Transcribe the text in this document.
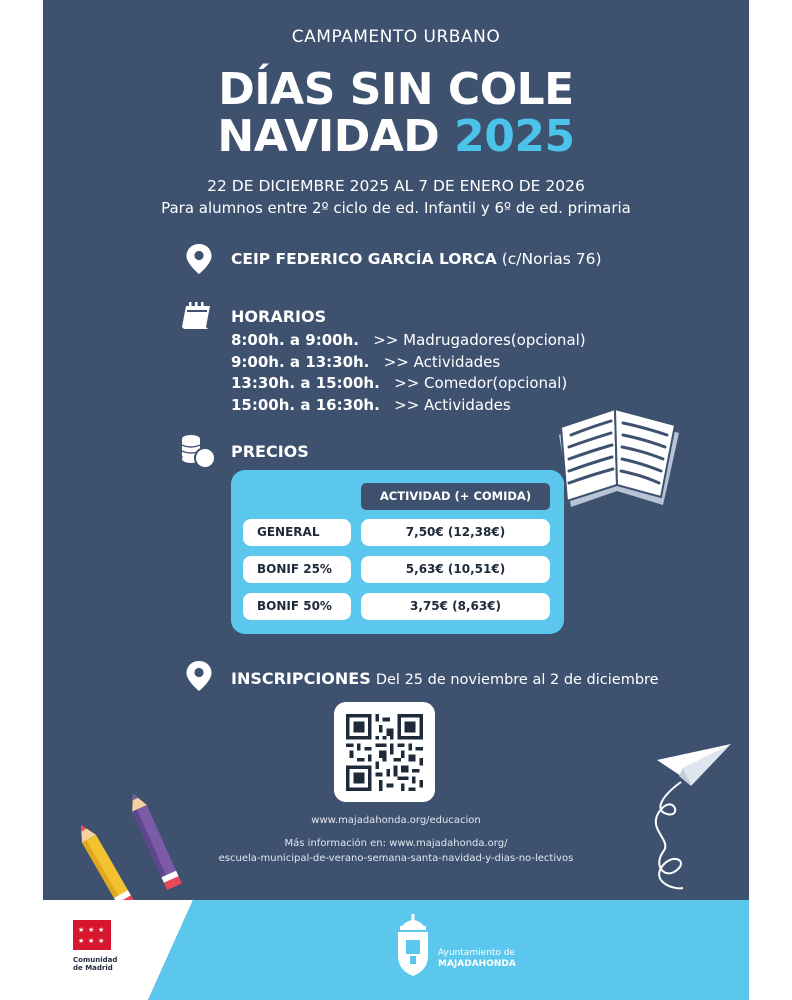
CAMPAMENTO URBANO
DÍAS SIN COLE
NAVIDAD 2025
22 DE DICIEMBRE 2025 AL 7 DE ENERO DE 2026
Para alumnos entre 2º ciclo de ed. Infantil y 6º de ed. primaria
CEIP FEDERICO GARCÍA LORCA (c/Norias 76)
HORARIOS
8:00h. a 9:00h. >> Madrugadores(opcional)
9:00h. a 13:30h. >> Actividades
13:30h. a 15:00h. >> Comedor(opcional)
15:00h. a 16:30h. >> Actividades
PRECIOS
ACTIVIDAD (+ COMIDA)
GENERAL	7,50€ (12,38€)
BONIF 25%	5,63€ (10,51€)
BONIF 50%	3,75€ (8,63€)
INSCRIPCIONES Del 25 de noviembre al 2 de diciembre
www.majadahonda.org/educacion
Más información en: www.majadahonda.org/
escuela-municipal-de-verano-semana-santa-navidad-y-dias-no-lectivos
★ ★ ★
★ ★ ★
Comunidad
de Madrid
Ayuntamiento de
MAJADAHONDA
